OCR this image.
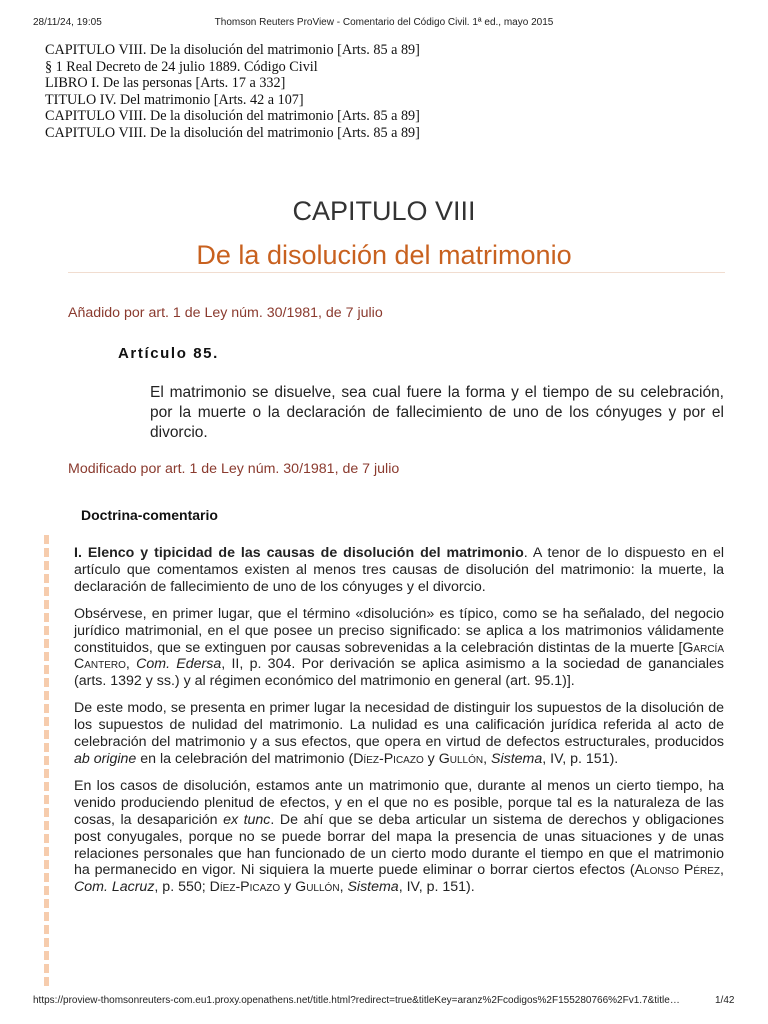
28/11/24, 19:05	Thomson Reuters ProView - Comentario del Código Civil. 1ª ed., mayo 2015
CAPITULO VIII. De la disolución del matrimonio [Arts. 85 a 89]
§ 1 Real Decreto de 24 julio 1889. Código Civil
LIBRO I. De las personas [Arts. 17 a 332]
TITULO IV. Del matrimonio [Arts. 42 a 107]
CAPITULO VIII. De la disolución del matrimonio [Arts. 85 a 89]
CAPITULO VIII. De la disolución del matrimonio [Arts. 85 a 89]
CAPITULO VIII
De la disolución del matrimonio
Añadido por art. 1 de Ley núm. 30/1981, de 7 julio
Artículo 85.
El matrimonio se disuelve, sea cual fuere la forma y el tiempo de su celebración, por la muerte o la declaración de fallecimiento de uno de los cónyuges y por el divorcio.
Modificado por art. 1 de Ley núm. 30/1981, de 7 julio
Doctrina-comentario

I. Elenco y tipicidad de las causas de disolución del matrimonio. A tenor de lo dispuesto en el artículo que comentamos existen al menos tres causas de disolución del matrimonio: la muerte, la declaración de fallecimiento de uno de los cónyuges y el divorcio.

Obsérvese, en primer lugar, que el término «disolución» es típico, como se ha señalado, del negocio jurídico matrimonial, en el que posee un preciso significado: se aplica a los matrimonios válidamente constituidos, que se extinguen por causas sobrevenidas a la celebración distintas de la muerte [García Cantero, Com. Edersa, II, p. 304. Por derivación se aplica asimismo a la sociedad de gananciales (arts. 1392 y ss.) y al régimen económico del matrimonio en general (art. 95.1)].

De este modo, se presenta en primer lugar la necesidad de distinguir los supuestos de la disolución de los supuestos de nulidad del matrimonio. La nulidad es una calificación jurídica referida al acto de celebración del matrimonio y a sus efectos, que opera en virtud de defectos estructurales, producidos ab origine en la celebración del matrimonio (Díez-Picazo y Gullón, Sistema, IV, p. 151).

En los casos de disolución, estamos ante un matrimonio que, durante al menos un cierto tiempo, ha venido produciendo plenitud de efectos, y en el que no es posible, porque tal es la naturaleza de las cosas, la desaparición ex tunc. De ahí que se deba articular un sistema de derechos y obligaciones post conyugales, porque no se puede borrar del mapa la presencia de unas situaciones y de unas relaciones personales que han funcionado de un cierto modo durante el tiempo en que el matrimonio ha permanecido en vigor. Ni siquiera la muerte puede eliminar o borrar ciertos efectos (Alonso Pérez, Com. Lacruz, p. 550; Díez-Picazo y Gullón, Sistema, IV, p. 151).

https://proview-thomsonreuters-com.eu1.proxy.openathens.net/title.html?redirect=true&titleKey=aranz%2Fcodigos%2F155280766%2Fv1.7&title…	1/42
